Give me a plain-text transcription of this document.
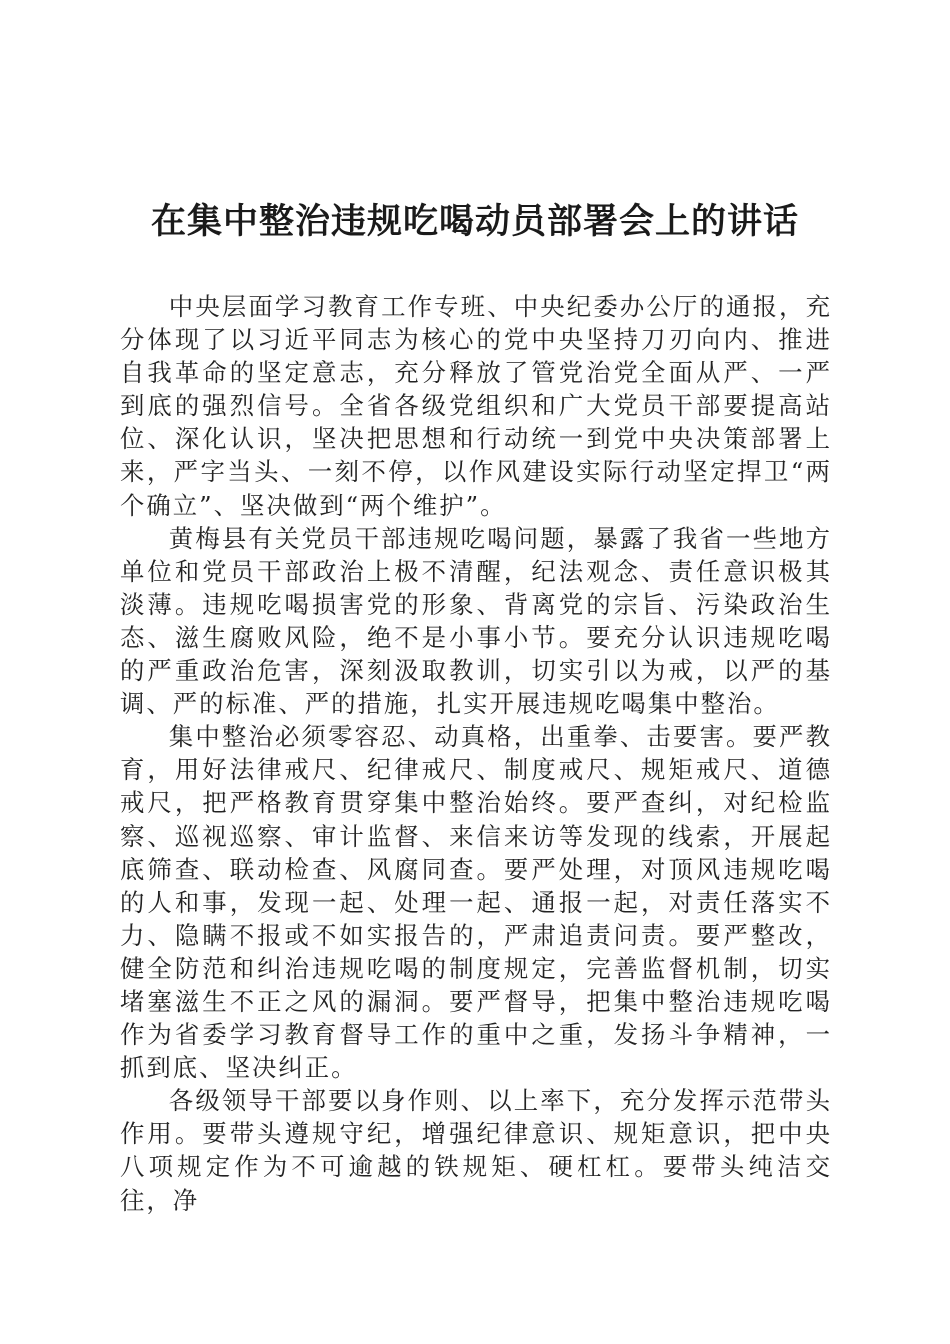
在集中整治违规吃喝动员部署会上的讲话

中央层面学习教育工作专班、中央纪委办公厅的通报，充分体现了以习近平同志为核心的党中央坚持刀刃向内、推进自我革命的坚定意志，充分释放了管党治党全面从严、一严到底的强烈信号。全省各级党组织和广大党员干部要提高站位、深化认识，坚决把思想和行动统一到党中央决策部署上来，严字当头、一刻不停，以作风建设实际行动坚定捍卫“两个确立”、坚决做到“两个维护”。

黄梅县有关党员干部违规吃喝问题，暴露了我省一些地方单位和党员干部政治上极不清醒，纪法观念、责任意识极其淡薄。违规吃喝损害党的形象、背离党的宗旨、污染政治生态、滋生腐败风险，绝不是小事小节。要充分认识违规吃喝的严重政治危害，深刻汲取教训，切实引以为戒，以严的基调、严的标准、严的措施，扎实开展违规吃喝集中整治。

集中整治必须零容忍、动真格，出重拳、击要害。要严教育，用好法律戒尺、纪律戒尺、制度戒尺、规矩戒尺、道德戒尺，把严格教育贯穿集中整治始终。要严查纠，对纪检监察、巡视巡察、审计监督、来信来访等发现的线索，开展起底筛查、联动检查、风腐同查。要严处理，对顶风违规吃喝的人和事，发现一起、处理一起、通报一起，对责任落实不力、隐瞒不报或不如实报告的，严肃追责问责。要严整改，健全防范和纠治违规吃喝的制度规定，完善监督机制，切实堵塞滋生不正之风的漏洞。要严督导，把集中整治违规吃喝作为省委学习教育督导工作的重中之重，发扬斗争精神，一抓到底、坚决纠正。

各级领导干部要以身作则、以上率下，充分发挥示范带头作用。要带头遵规守纪，增强纪律意识、规矩意识，把中央八项规定作为不可逾越的铁规矩、硬杠杠。要带头纯洁交往，净
